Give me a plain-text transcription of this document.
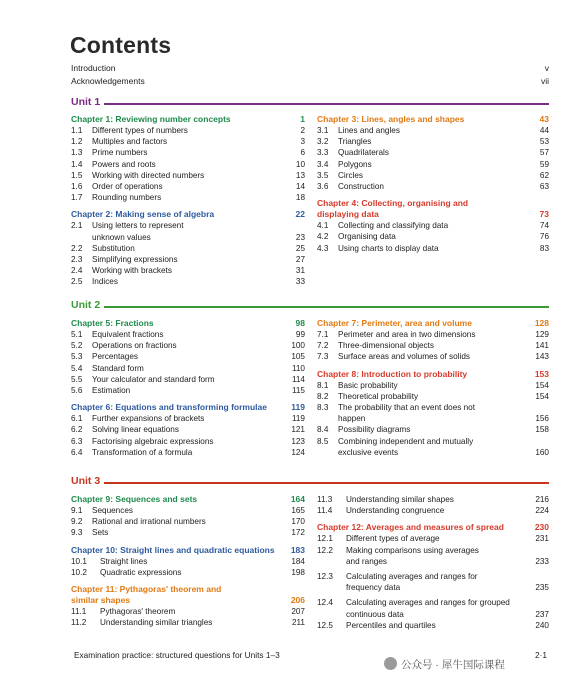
Contents
Introduction	v
Acknowledgements	vii
Unit 1
Unit 2
Unit 3
Chapter 1: Reviewing number concepts	1
1.1 Different types of numbers	2
1.2 Multiples and factors	3
1.3 Prime numbers	6
1.4 Powers and roots	10
1.5 Working with directed numbers	13
1.6 Order of operations	14
1.7 Rounding numbers	18
Chapter 2: Making sense of algebra	22
2.1 Using letters to represent
unknown values	23
2.2 Substitution	25
2.3 Simplifying expressions	27
2.4 Working with brackets	31
2.5 Indices	33
Chapter 3: Lines, angles and shapes	43
3.1 Lines and angles	44
3.2 Triangles	53
3.3 Quadrilaterals	57
3.4 Polygons	59
3.5 Circles	62
3.6 Construction	63
Chapter 4: Collecting, organising and
displaying data	73
4.1 Collecting and classifying data	74
4.2 Organising data	76
4.3 Using charts to display data	83
Chapter 5: Fractions	98
5.1 Equivalent fractions	99
5.2 Operations on fractions	100
5.3 Percentages	105
5.4 Standard form	110
5.5 Your calculator and standard form	114
5.6 Estimation	115
Chapter 6: Equations and transforming formulae	119
6.1 Further expansions of brackets	119
6.2 Solving linear equations	121
6.3 Factorising algebraic expressions	123
6.4 Transformation of a formula	124
Chapter 7: Perimeter, area and volume	128
7.1 Perimeter and area in two dimensions	129
7.2 Three-dimensional objects	141
7.3 Surface areas and volumes of solids	143
Chapter 8: Introduction to probability	153
8.1 Basic probability	154
8.2 Theoretical probability	154
8.3 The probability that an event does not
happen	156
8.4 Possibility diagrams	158
8.5 Combining independent and mutually
exclusive events	160
Chapter 9: Sequences and sets	164
9.1 Sequences	165
9.2 Rational and irrational numbers	170
9.3 Sets	172
Chapter 10: Straight lines and quadratic equations 183
10.1 Straight lines	184
10.2 Quadratic expressions	198
Chapter 11: Pythagoras' theorem and
similar shapes	206
11.1 Pythagoras' theorem	207
11.2 Understanding similar triangles	211
11.3 Understanding similar shapes	216
11.4 Understanding congruence	224
Chapter 12: Averages and measures of spread	230
12.1 Different types of average	231
12.2 Making comparisons using averages
and ranges	233
12.3 Calculating averages and ranges for
frequency data	235
12.4 Calculating averages and ranges for grouped
continuous data	237
12.5 Percentiles and quartiles	240
Examination practice: structured questions for Units 1–3	2·1
公众号 · 犀牛国际课程
